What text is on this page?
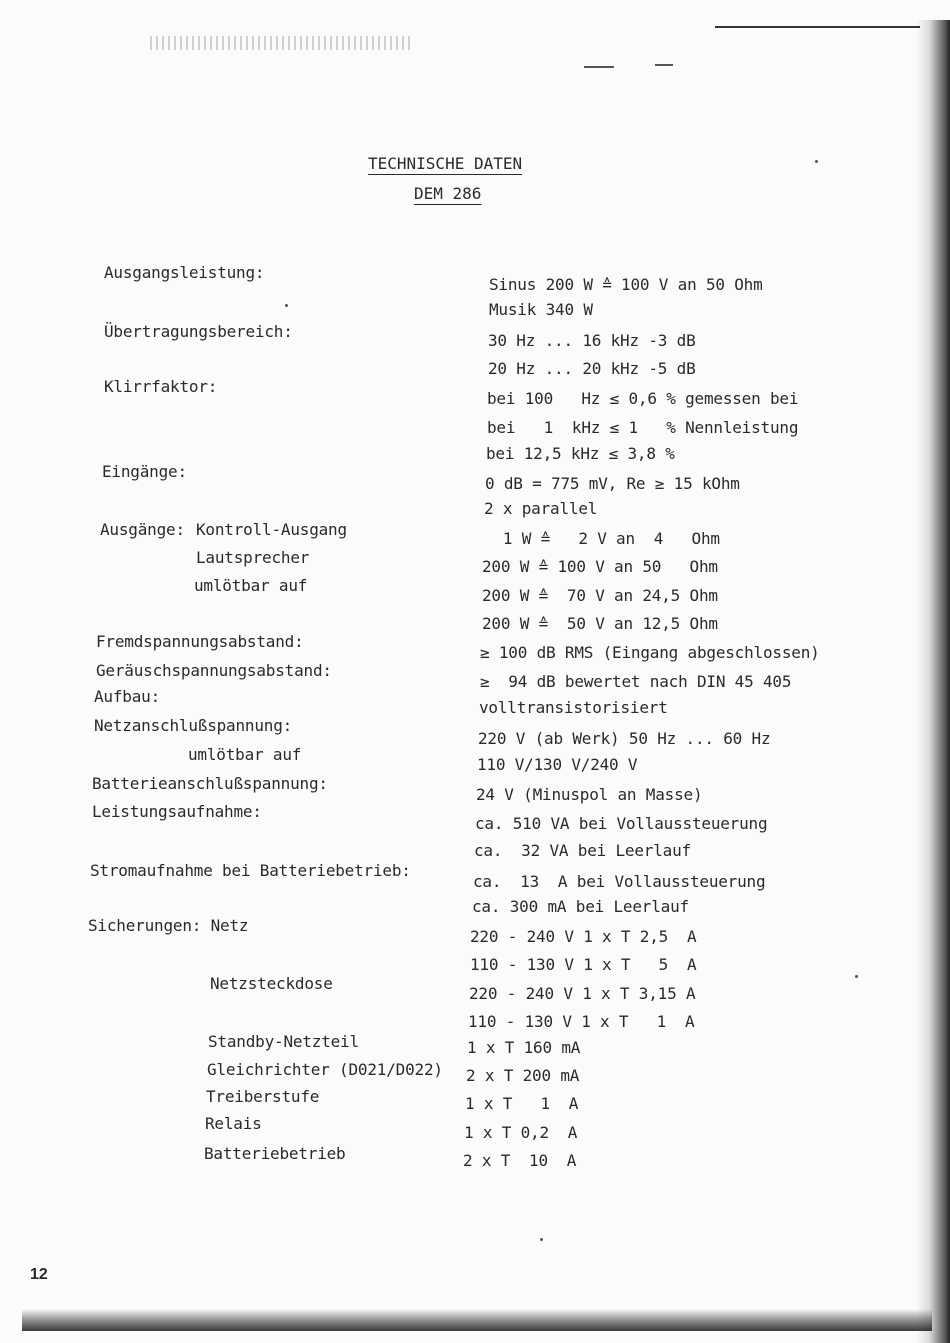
TECHNISCHE DATEN
DEM 286
Ausgangsleistung:
Übertragungsbereich:
Klirrfaktor:
Eingänge:
Ausgänge: Kontroll-Ausgang
Lautsprecher
umlötbar auf
Fremdspannungsabstand:
Geräuschspannungsabstand:
Aufbau:
Netzanschlußspannung:
umlötbar auf
Batterieanschlußspannung:
Leistungsaufnahme:
Stromaufnahme bei Batteriebetrieb:
Sicherungen: Netz
Netzsteckdose
Standby-Netzteil
Gleichrichter (D021/D022)
Treiberstufe
Relais
Batteriebetrieb
Sinus 200 W ≙ 100 V an 50 Ohm
Musik 340 W
30 Hz ... 16 kHz -3 dB
20 Hz ... 20 kHz -5 dB
bei 100   Hz ≤ 0,6 % gemessen bei
bei   1  kHz ≤ 1   % Nennleistung
bei 12,5 kHz ≤ 3,8 %
0 dB = 775 mV, Re ≥ 15 kOhm
2 x parallel
1 W ≙   2 V an  4   Ohm
200 W ≙ 100 V an 50   Ohm
200 W ≙  70 V an 24,5 Ohm
200 W ≙  50 V an 12,5 Ohm
≥ 100 dB RMS (Eingang abgeschlossen)
≥  94 dB bewertet nach DIN 45 405
volltransistorisiert
220 V (ab Werk) 50 Hz ... 60 Hz
110 V/130 V/240 V
24 V (Minuspol an Masse)
ca. 510 VA bei Vollaussteuerung
ca.  32 VA bei Leerlauf
ca.  13  A bei Vollaussteuerung
ca. 300 mA bei Leerlauf
220 - 240 V 1 x T 2,5  A
110 - 130 V 1 x T   5  A
220 - 240 V 1 x T 3,15 A
110 - 130 V 1 x T   1  A
1 x T 160 mA
2 x T 200 mA
1 x T   1  A
1 x T 0,2  A
2 x T  10  A
12
